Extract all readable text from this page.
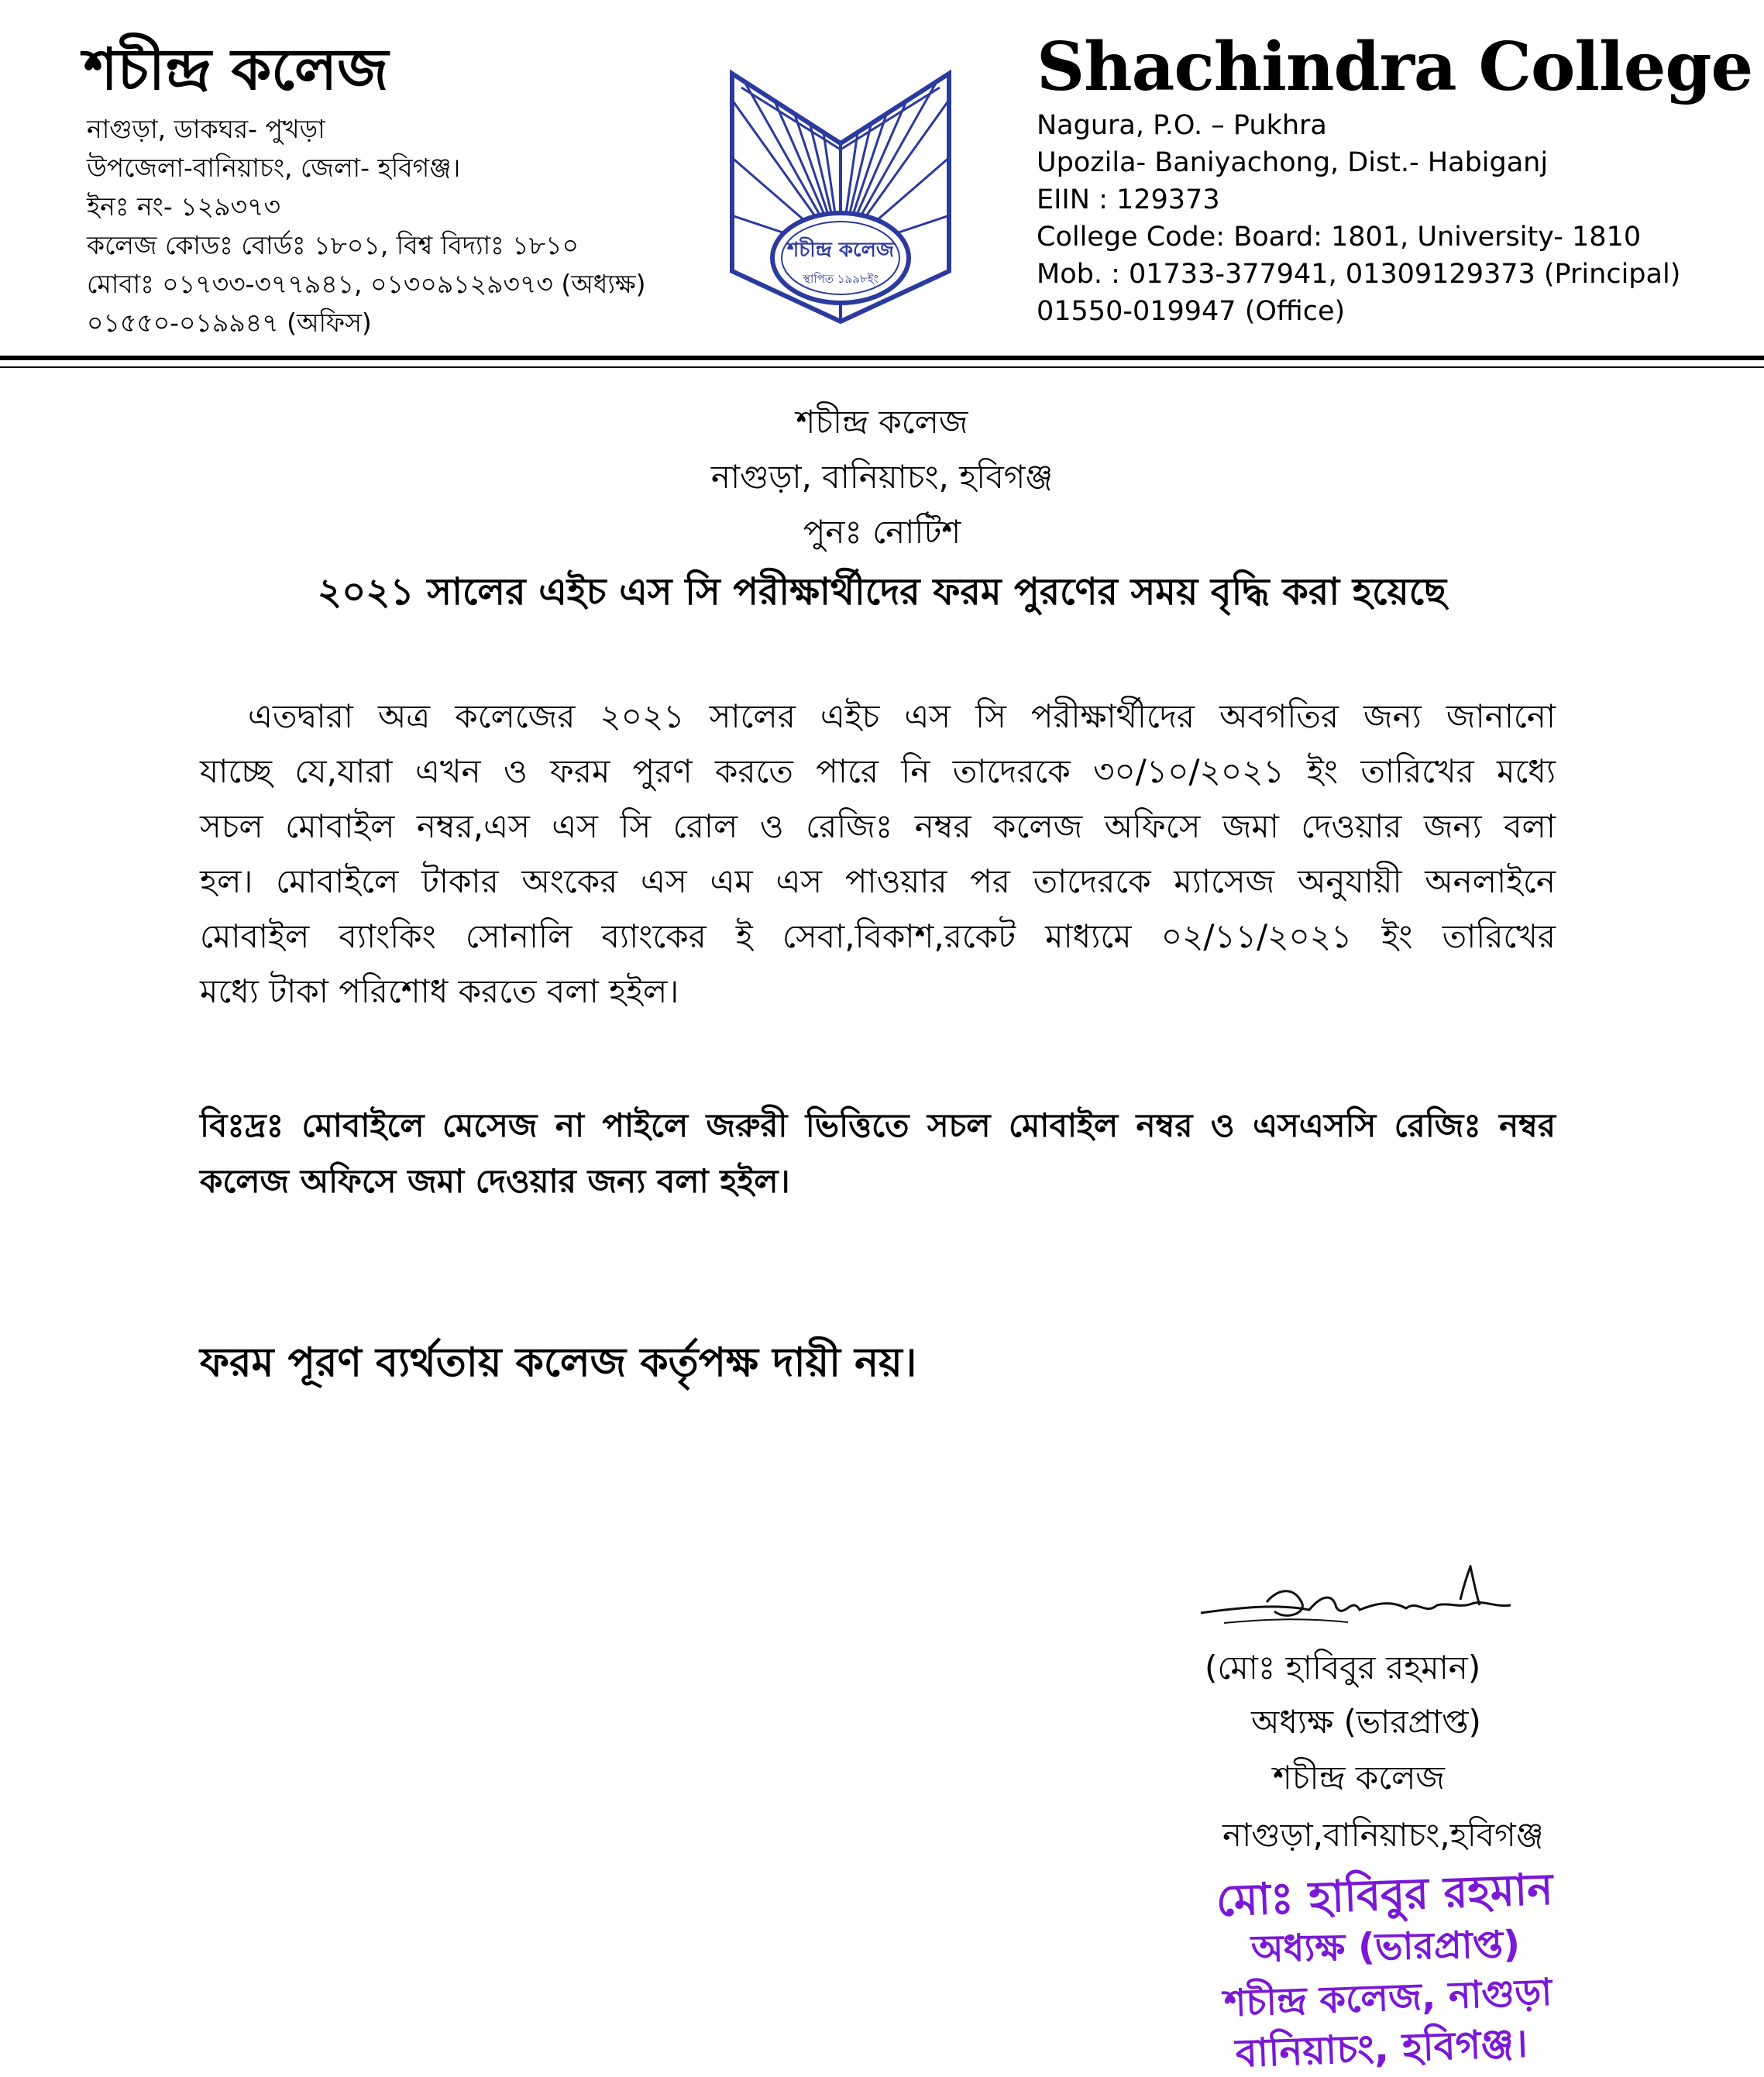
শচীন্দ্র কলেজ
নাগুড়া, ডাকঘর- পুখড়া
উপজেলা-বানিয়াচং, জেলা- হবিগঞ্জ।
ইনঃ নং- ১২৯৩৭৩
কলেজ কোডঃ বোর্ডঃ ১৮০১, বিশ্ব বিদ্যাঃ ১৮১০
মোবাঃ ০১৭৩৩-৩৭৭৯৪১, ০১৩০৯১২৯৩৭৩ (অধ্যক্ষ)
০১৫৫০-০১৯৯৪৭ (অফিস)
শচীন্দ্র কলেজ
স্থাপিত ১৯৯৮ইং
Shachindra College
Nagura, P.O. – Pukhra
Upozila- Baniyachong, Dist.- Habiganj
EIIN : 129373
College Code: Board: 1801, University- 1810
Mob. : 01733-377941, 01309129373 (Principal)
01550-019947 (Office)
শচীন্দ্র কলেজ
নাগুড়া, বানিয়াচং, হবিগঞ্জ
পুনঃ নোটিশ
২০২১ সালের এইচ এস সি পরীক্ষার্থীদের ফরম পুরণের সময় বৃদ্ধি করা হয়েছে
এতদ্বারা অত্র কলেজের ২০২১ সালের এইচ এস সি পরীক্ষার্থীদের অবগতির জন্য জানানো
যাচ্ছে যে,যারা এখন ও ফরম পুরণ করতে পারে নি তাদেরকে ৩০/১০/২০২১ ইং তারিখের মধ্যে
সচল মোবাইল নম্বর,এস এস সি রোল ও রেজিঃ নম্বর কলেজ অফিসে জমা দেওয়ার জন্য বলা
হল। মোবাইলে টাকার অংকের এস এম এস পাওয়ার পর তাদেরকে ম্যাসেজ অনুযায়ী অনলাইনে
মোবাইল ব্যাংকিং সোনালি ব্যাংকের ই সেবা,বিকাশ,রকেট মাধ্যমে ০২/১১/২০২১ ইং তারিখের
মধ্যে টাকা পরিশোধ করতে বলা হইল।
বিঃদ্রঃ মোবাইলে মেসেজ না পাইলে জরুরী ভিত্তিতে সচল মোবাইল নম্বর ও এসএসসি রেজিঃ নম্বর
কলেজ অফিসে জমা দেওয়ার জন্য বলা হইল।
ফরম পূরণ ব্যর্থতায় কলেজ কর্তৃপক্ষ দায়ী নয়।
(মোঃ হাবিবুর রহমান)
অধ্যক্ষ (ভারপ্রাপ্ত)
শচীন্দ্র কলেজ
নাগুড়া,বানিয়াচং,হবিগঞ্জ
মোঃ হাবিবুর রহমান
অধ্যক্ষ (ভারপ্রাপ্ত)
শচীন্দ্র কলেজ, নাগুড়া
বানিয়াচং, হবিগঞ্জ।
